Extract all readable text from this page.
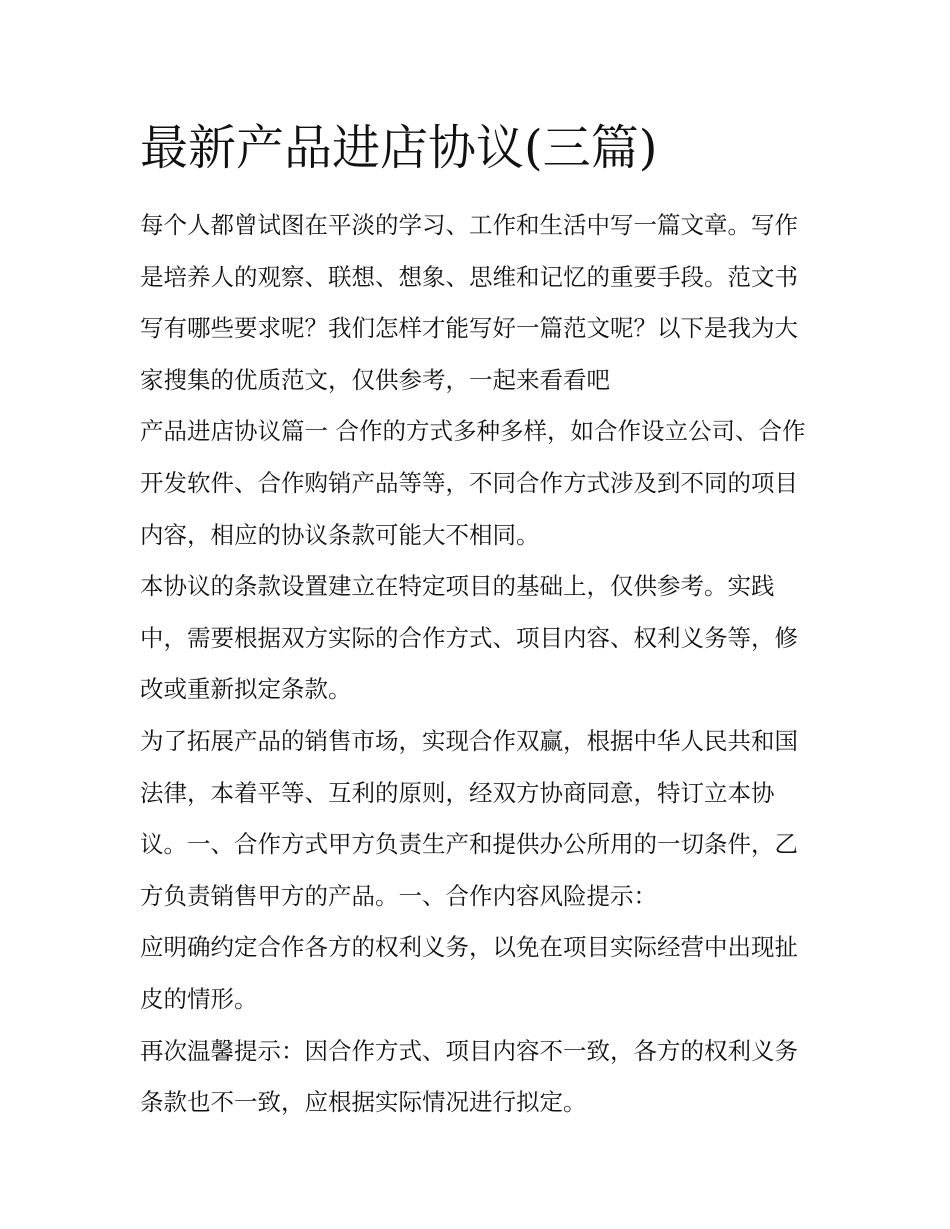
最新产品进店协议(三篇)

每个人都曾试图在平淡的学习、工作和生活中写一篇文章。写作是培养人的观察、联想、想象、思维和记忆的重要手段。范文书写有哪些要求呢？我们怎样才能写好一篇范文呢？以下是我为大家搜集的优质范文，仅供参考，一起来看看吧

产品进店协议篇一 合作的方式多种多样，如合作设立公司、合作开发软件、合作购销产品等等，不同合作方式涉及到不同的项目内容，相应的协议条款可能大不相同。

本协议的条款设置建立在特定项目的基础上，仅供参考。实践中，需要根据双方实际的合作方式、项目内容、权利义务等，修改或重新拟定条款。

为了拓展产品的销售市场，实现合作双赢，根据中华人民共和国法律，本着平等、互利的原则，经双方协商同意，特订立本协议。一、合作方式甲方负责生产和提供办公所用的一切条件，乙方负责销售甲方的产品。一、合作内容风险提示：

应明确约定合作各方的权利义务，以免在项目实际经营中出现扯皮的情形。

再次温馨提示：因合作方式、项目内容不一致，各方的权利义务条款也不一致，应根据实际情况进行拟定。
